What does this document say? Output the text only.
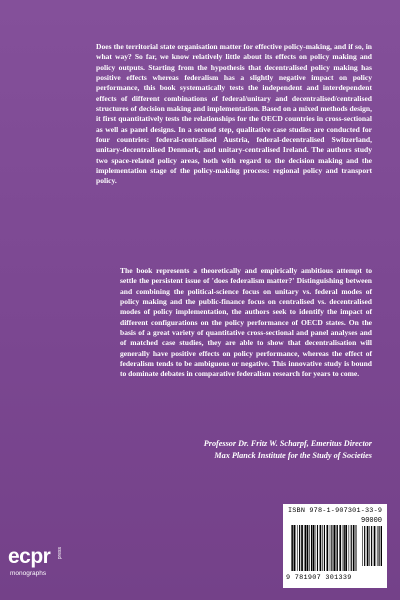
Does the territorial state organisation matter for effective policy-making, and if so, in what way? So far, we know relatively little about its effects on policy making and policy outputs. Starting from the hypothesis that decentralised policy making has positive effects whereas federalism has a slightly negative impact on policy performance, this book systematically tests the independent and interdependent effects of different combinations of federal/unitary and decentralised/centralised structures of decision making and implementation. Based on a mixed methods design, it first quantitatively tests the relationships for the OECD countries in cross-sectional as well as panel designs. In a second step, qualitative case studies are conducted for four countries: federal-centralised Austria, federal-decentralised Switzerland, unitary-decentralised Denmark, and unitary-centralised Ireland. The authors study two space-related policy areas, both with regard to the decision making and the implementation stage of the policy-making process: regional policy and transport policy.

The book represents a theoretically and empirically ambitious attempt to settle the persistent issue of 'does federalism matter?' Distinguishing between and combining the political-science focus on unitary vs. federal modes of policy making and the public-finance focus on centralised vs. decentralised modes of policy implementation, the authors seek to identify the impact of different configurations on the policy performance of OECD states. On the basis of a great variety of quantitative cross-sectional and panel analyses and of matched case studies, they are able to show that decentralisation will generally have positive effects on policy performance, whereas the effect of federalism tends to be ambiguous or negative. This innovative study is bound to dominate debates in comparative federalism research for years to come.

Professor Dr. Fritz W. Scharpf, Emeritus Director
Max Planck Institute for the Study of Societies
ecpr press
monographs
ISBN 978-1-907301-33-9
90000
9 781907 301339
